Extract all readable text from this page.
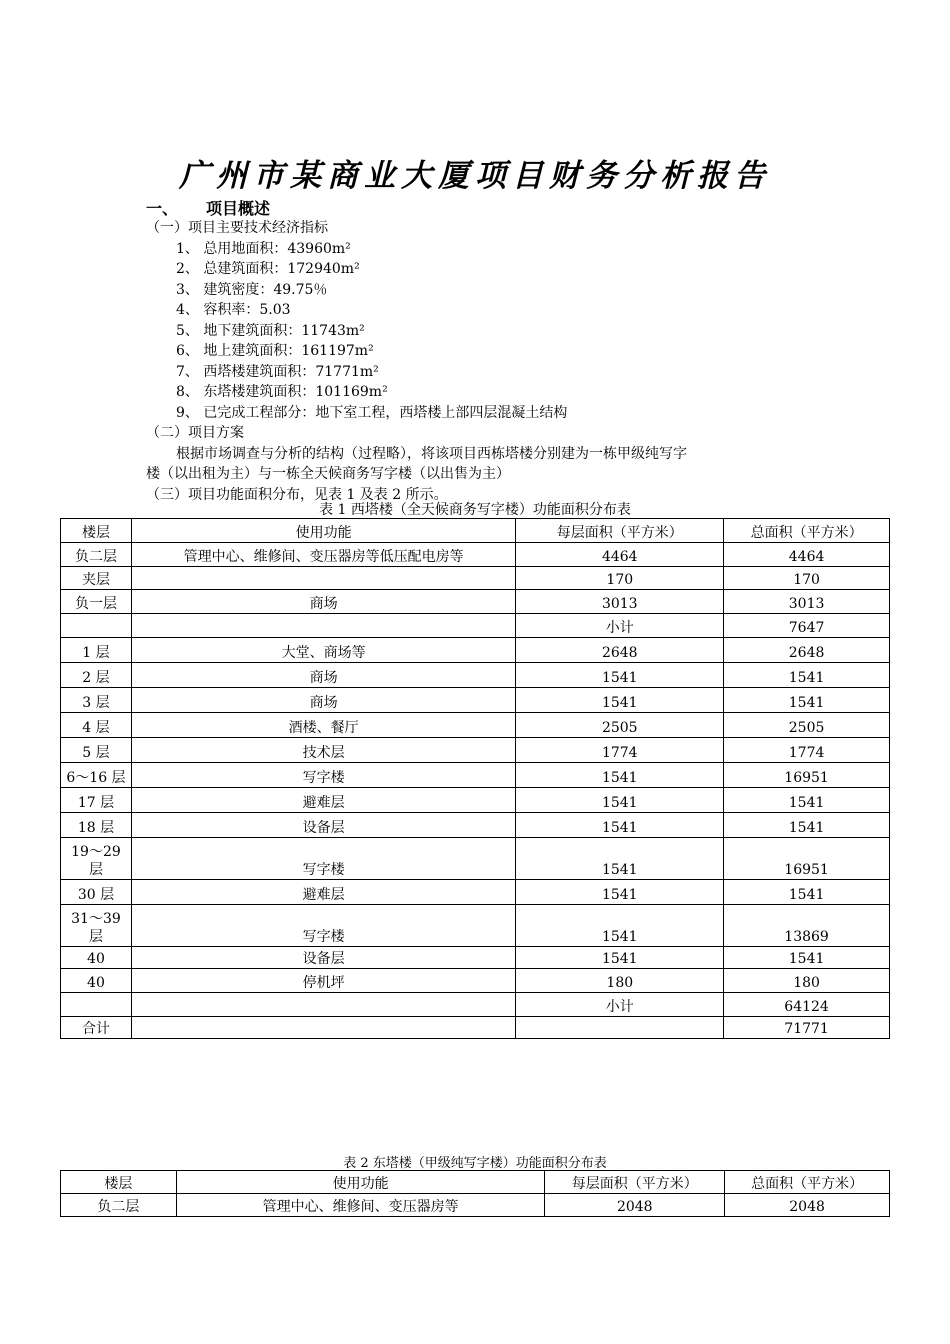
广州市某商业大厦项目财务分析报告
一、 项目概述
（一）项目主要技术经济指标
1、 总用地面积：43960m²
2、 总建筑面积：172940m²
3、 建筑密度：49.75％
4、 容积率：5.03
5、 地下建筑面积：11743m²
6、 地上建筑面积：161197m²
7、 西塔楼建筑面积：71771m²
8、 东塔楼建筑面积：101169m²
9、 已完成工程部分：地下室工程，西塔楼上部四层混凝土结构
（二）项目方案
根据市场调查与分析的结构（过程略），将该项目西栋塔楼分别建为一栋甲级纯写字
楼（以出租为主）与一栋全天候商务写字楼（以出售为主）
（三）项目功能面积分布，见表 1 及表 2 所示。
表 1 西塔楼（全天候商务写字楼）功能面积分布表
楼层	使用功能	每层面积（平方米）	总面积（平方米）
负二层	管理中心、维修间、变压器房等低压配电房等	4464	4464
夹层		170	170
负一层	商场	3013	3013
		小计	7647
1 层	大堂、商场等	2648	2648
2 层	商场	1541	1541
3 层	商场	1541	1541
4 层	酒楼、餐厅	2505	2505
5 层	技术层	1774	1774
6～16 层	写字楼	1541	16951
17 层	避难层	1541	1541
18 层	设备层	1541	1541
19～29 层	写字楼	1541	16951
30 层	避难层	1541	1541
31～39 层	写字楼	1541	13869
40	设备层	1541	1541
40	停机坪	180	180
		小计	64124
合计			71771
表 2 东塔楼（甲级纯写字楼）功能面积分布表
楼层	使用功能	每层面积（平方米）	总面积（平方米）
负二层	管理中心、维修间、变压器房等	2048	2048
